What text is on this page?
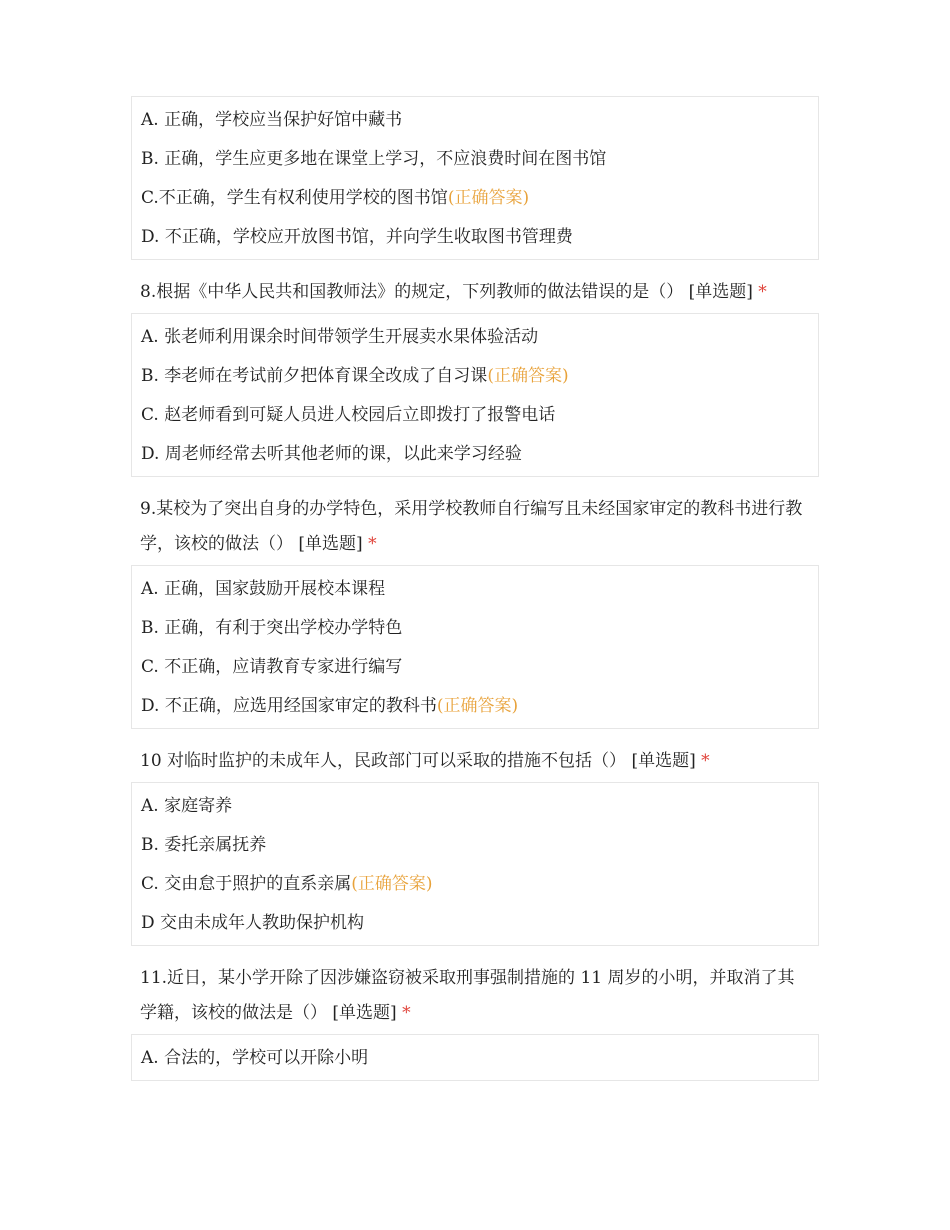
A. 正确，学校应当保护好馆中藏书
B. 正确，学生应更多地在课堂上学习，不应浪费时间在图书馆
C.不正确，学生有权利使用学校的图书馆(正确答案)
D. 不正确，学校应开放图书馆，并向学生收取图书管理费
8.根据《中华人民共和国教师法》的规定，下列教师的做法错误的是（） [单选题] *
A. 张老师利用课余时间带领学生开展卖水果体验活动
B. 李老师在考试前夕把体育课全改成了自习课(正确答案)
C. 赵老师看到可疑人员进人校园后立即拨打了报警电话
D. 周老师经常去听其他老师的课，以此来学习经验
9.某校为了突出自身的办学特色，采用学校教师自行编写且未经国家审定的教科书进行教学，该校的做法（） [单选题] *
A. 正确，国家鼓励开展校本课程
B. 正确，有利于突出学校办学特色
C. 不正确，应请教育专家进行编写
D. 不正确，应选用经国家审定的教科书(正确答案)
10 对临时监护的未成年人，民政部门可以采取的措施不包括（） [单选题] *
A. 家庭寄养
B. 委托亲属抚养
C. 交由怠于照护的直系亲属(正确答案)
D 交由未成年人教助保护机构
11.近日，某小学开除了因涉嫌盗窃被采取刑事强制措施的 11 周岁的小明，并取消了其学籍，该校的做法是（） [单选题] *
A. 合法的，学校可以开除小明
